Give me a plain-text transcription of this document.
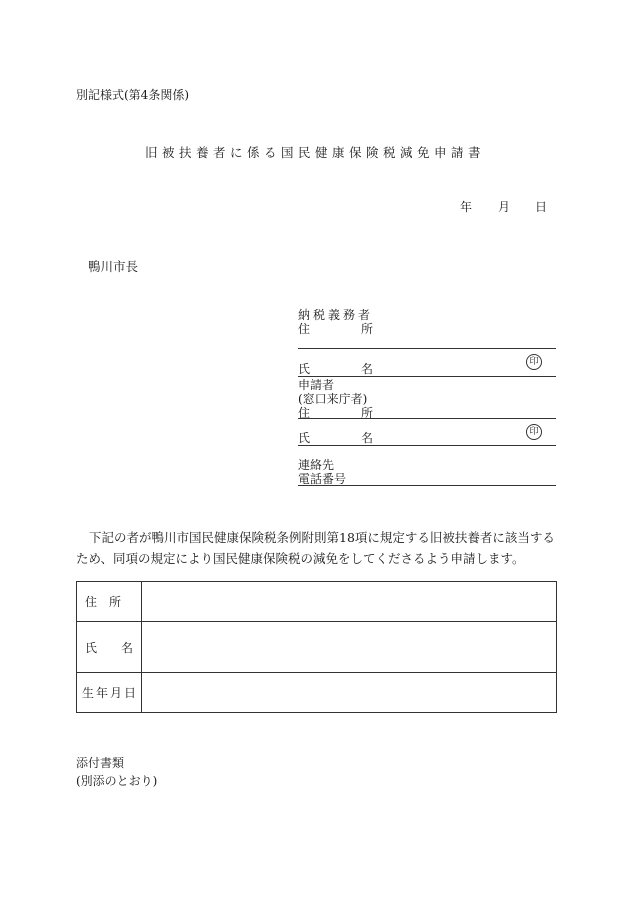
別記様式(第4条関係)
旧被扶養者に係る国民健康保険税減免申請書
年 月 日
鴨川市長
納税義務者
住	所
氏	名	印
申請者
(窓口来庁者)
住	所
氏	名	印
連絡先
電話番号
下記の者が鴨川市国民健康保険税条例附則第18項に規定する旧被扶養者に該当するため、同項の規定により国民健康保険税の減免をしてくださるよう申請します。
住 所	

氏 名	

生 年 月 日	

添付書類
(別添のとおり)
